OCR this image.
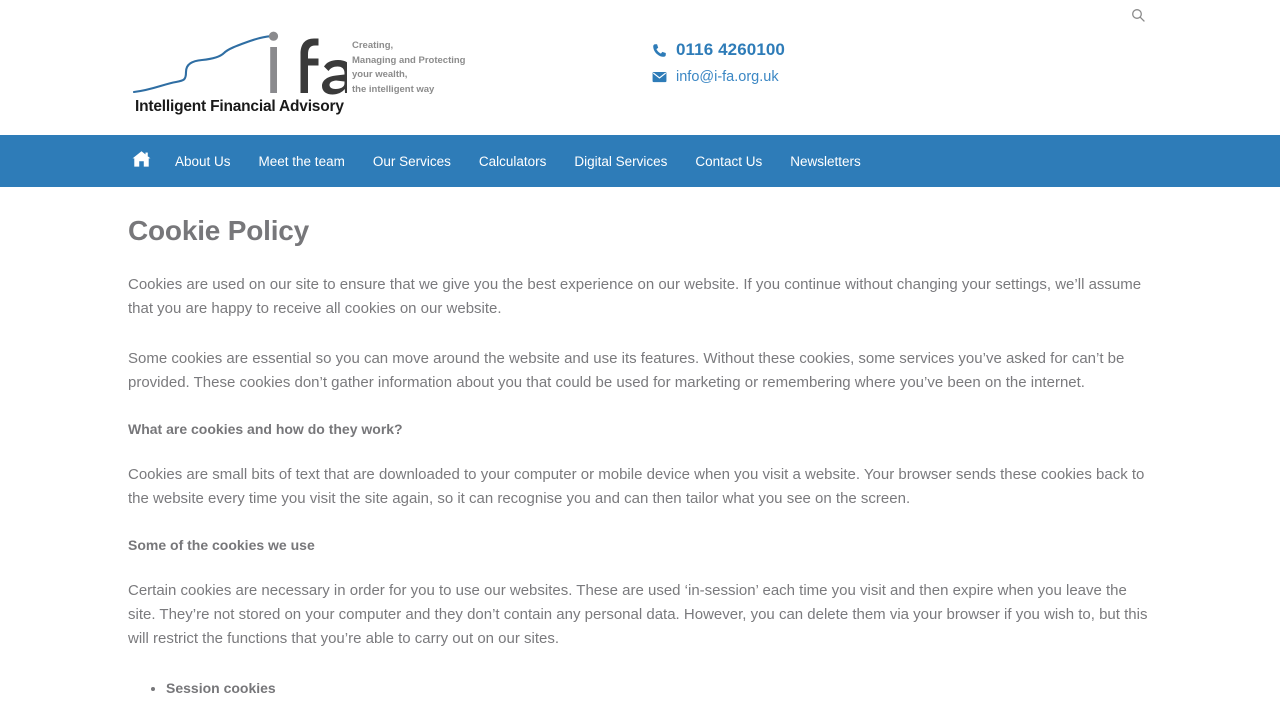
Intelligent Financial Advisory
Creating,
Managing and Protecting
your wealth,
the intelligent way
0116 4260100
info@i-fa.org.uk
About Us	Meet the team	Our Services	Calculators	Digital Services	Contact Us	Newsletters
Cookie Policy

Cookies are used on our site to ensure that we give you the best experience on our website. If you continue without changing your settings, we’ll assume that you are happy to receive all cookies on our website.

Some cookies are essential so you can move around the website and use its features. Without these cookies, some services you’ve asked for can’t be provided. These cookies don’t gather information about you that could be used for marketing or remembering where you’ve been on the internet.

What are cookies and how do they work?

Cookies are small bits of text that are downloaded to your computer or mobile device when you visit a website. Your browser sends these cookies back to the website every time you visit the site again, so it can recognise you and can then tailor what you see on the screen.

Some of the cookies we use

Certain cookies are necessary in order for you to use our websites. These are used ‘in-session’ each time you visit and then expire when you leave the site. They’re not stored on your computer and they don’t contain any personal data. However, you can delete them via your browser if you wish to, but this will restrict the functions that you’re able to carry out on our sites.

• Session cookies
